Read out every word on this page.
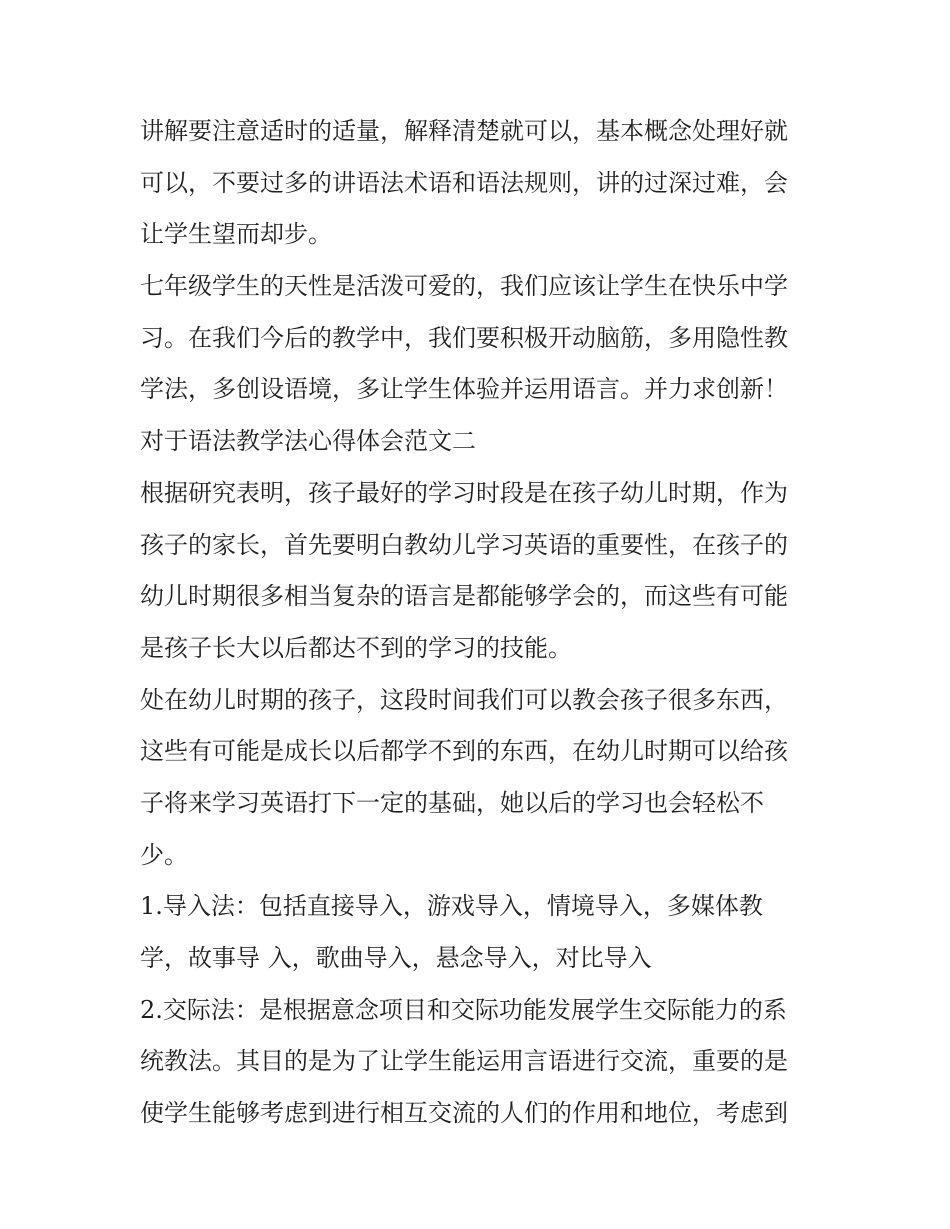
讲解要注意适时的适量，解释清楚就可以，基本概念处理好就
可以，不要过多的讲语法术语和语法规则，讲的过深过难，会
让学生望而却步。
七年级学生的天性是活泼可爱的，我们应该让学生在快乐中学
习。在我们今后的教学中，我们要积极开动脑筋，多用隐性教
学法，多创设语境，多让学生体验并运用语言。并力求创新！
对于语法教学法心得体会范文二
根据研究表明，孩子最好的学习时段是在孩子幼儿时期，作为
孩子的家长，首先要明白教幼儿学习英语的重要性，在孩子的
幼儿时期很多相当复杂的语言是都能够学会的，而这些有可能
是孩子长大以后都达不到的学习的技能。
处在幼儿时期的孩子，这段时间我们可以教会孩子很多东西，
这些有可能是成长以后都学不到的东西，在幼儿时期可以给孩
子将来学习英语打下一定的基础，她以后的学习也会轻松不
少。
1.导入法：包括直接导入，游戏导入，情境导入，多媒体教
学，故事导 入，歌曲导入，悬念导入，对比导入
2.交际法：是根据意念项目和交际功能发展学生交际能力的系
统教法。其目的是为了让学生能运用言语进行交流，重要的是
使学生能够考虑到进行相互交流的人们的作用和地位，考虑到
